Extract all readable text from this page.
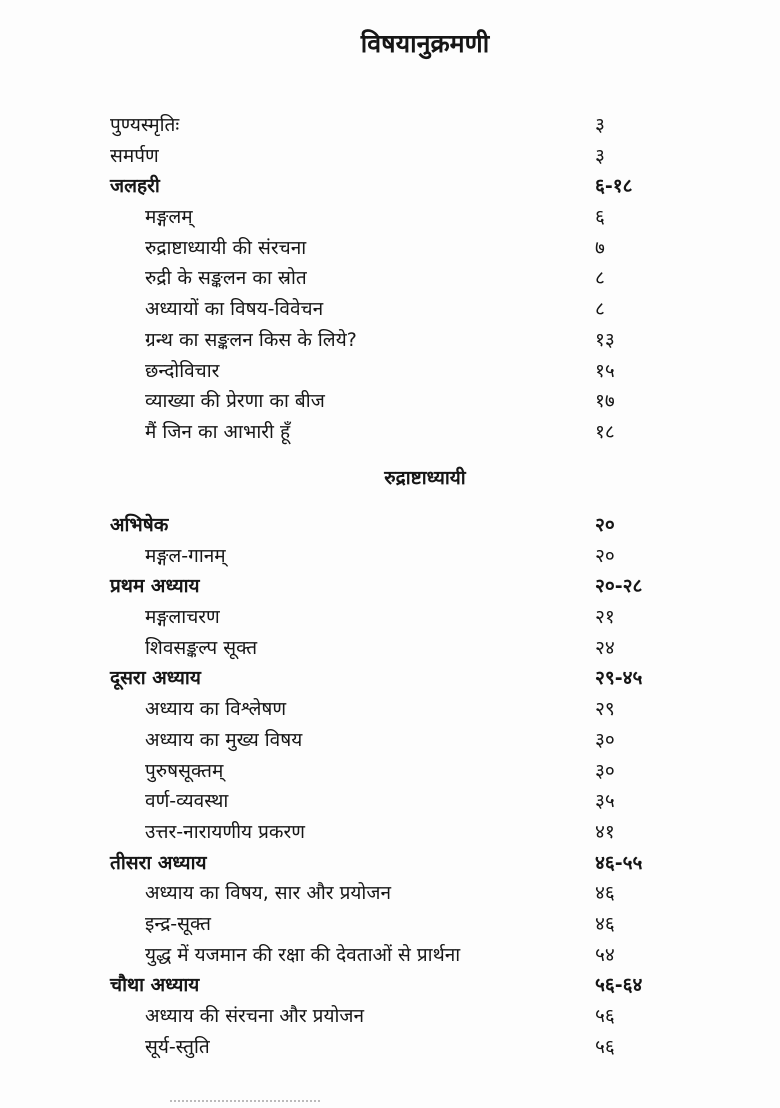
विषयानुक्रमणी
पुण्यस्मृतिः	३
समर्पण	३
जलहरी	६-१८
मङ्गलम्	६
रुद्राष्टाध्यायी की संरचना	७
रुद्री के सङ्कलन का स्रोत	८
अध्यायों का विषय-विवेचन	८
ग्रन्थ का सङ्कलन किस के लिये?	१३
छन्दोविचार	१५
व्याख्या की प्रेरणा का बीज	१७
मैं जिन का आभारी हूँ	१८
रुद्राष्टाध्यायी
अभिषेक	२०
मङ्गल-गानम्	२०
प्रथम अध्याय	२०-२८
मङ्गलाचरण	२१
शिवसङ्कल्प सूक्त	२४
दूसरा अध्याय	२९-४५
अध्याय का विश्लेषण	२९
अध्याय का मुख्य विषय	३०
पुरुषसूक्तम्	३०
वर्ण-व्यवस्था	३५
उत्तर-नारायणीय प्रकरण	४१
तीसरा अध्याय	४६-५५
अध्याय का विषय, सार और प्रयोजन	४६
इन्द्र-सूक्त	४६
युद्ध में यजमान की रक्षा की देवताओं से प्रार्थना	५४
चौथा अध्याय	५६-६४
अध्याय की संरचना और प्रयोजन	५६
सूर्य-स्तुति	५६
